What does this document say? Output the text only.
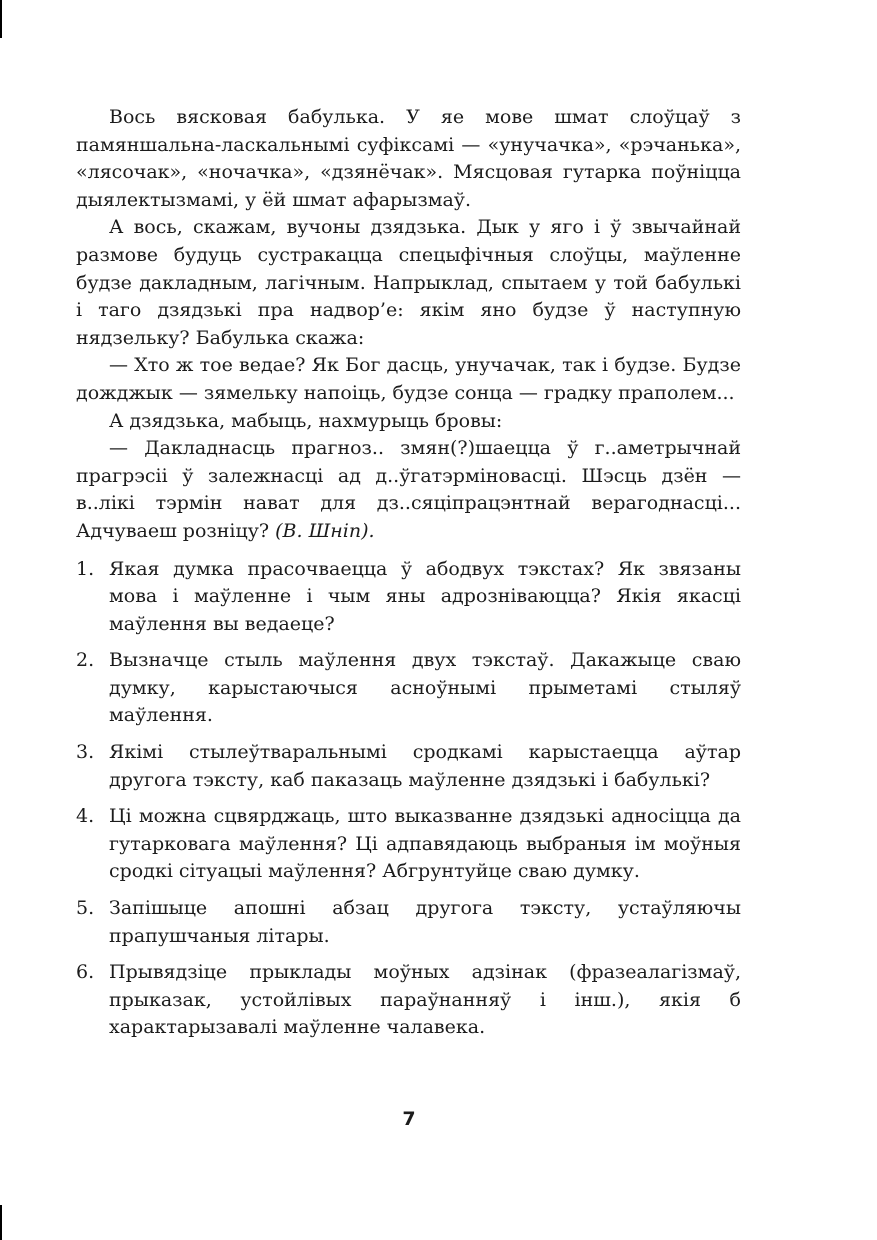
Вось вясковая бабулька. У яе мове шмат слоўцаў з памяншальна-ласкальнымі суфіксамі — «унучачка», «рэчанька», «лясочак», «ночачка», «дзянёчак». Мясцовая гутарка поўніцца дыялектызмамі, у ёй шмат афарызмаў.

А вось, скажам, вучоны дзядзька. Дык у яго і ў звычайнай размове будуць сустракацца спецыфічныя слоўцы, маўленне будзе дакладным, лагічным. Напрыклад, спытаем у той бабулькі і таго дзядзькі пра надвор’е: якім яно будзе ў наступную нядзельку? Бабулька скажа:

— Хто ж тое ведае? Як Бог дасць, унучачак, так і будзе. Будзе дожджык — зямельку напоіць, будзе сонца — градку праполем...

А дзядзька, мабыць, нахмурыць бровы:

— Дакладнасць прагноз.. змян(?)шаецца ў г..аметрычнай прагрэсіі ў залежнасці ад д..ўгатэрміновасці. Шэсць дзён — в..лікі тэрмін нават для дз..сяціпрацэнтнай верагоднасці... Адчуваеш розніцу? (В. Шніп).

1. Якая думка прасочваецца ў абодвух тэкстах? Як звязаны мова і маўленне і чым яны адрозніваюцца? Якія якасці маўлення вы ведаеце?
2. Вызначце стыль маўлення двух тэкстаў. Дакажыце сваю думку, карыстаючыся асноўнымі прыметамі стыляў маўлення.
3. Якімі стылеўтваральнымі сродкамі карыстаецца аўтар другога тэксту, каб паказаць маўленне дзядзькі і бабулькі?
4. Ці можна сцвярджаць, што выказванне дзядзькі адносіцца да гутарковага маўлення? Ці адпавядаюць выбраныя ім моўныя сродкі сітуацыі маўлення? Абгрунтуйце сваю думку.
5. Запішыце апошні абзац другога тэксту, устаўляючы прапушчаныя літары.
6. Прывядзіце прыклады моўных адзінак (фразеалагізмаў, прыказак, устойлівых параўнанняў і інш.), якія б характарызавалі маўленне чалавека.
7
